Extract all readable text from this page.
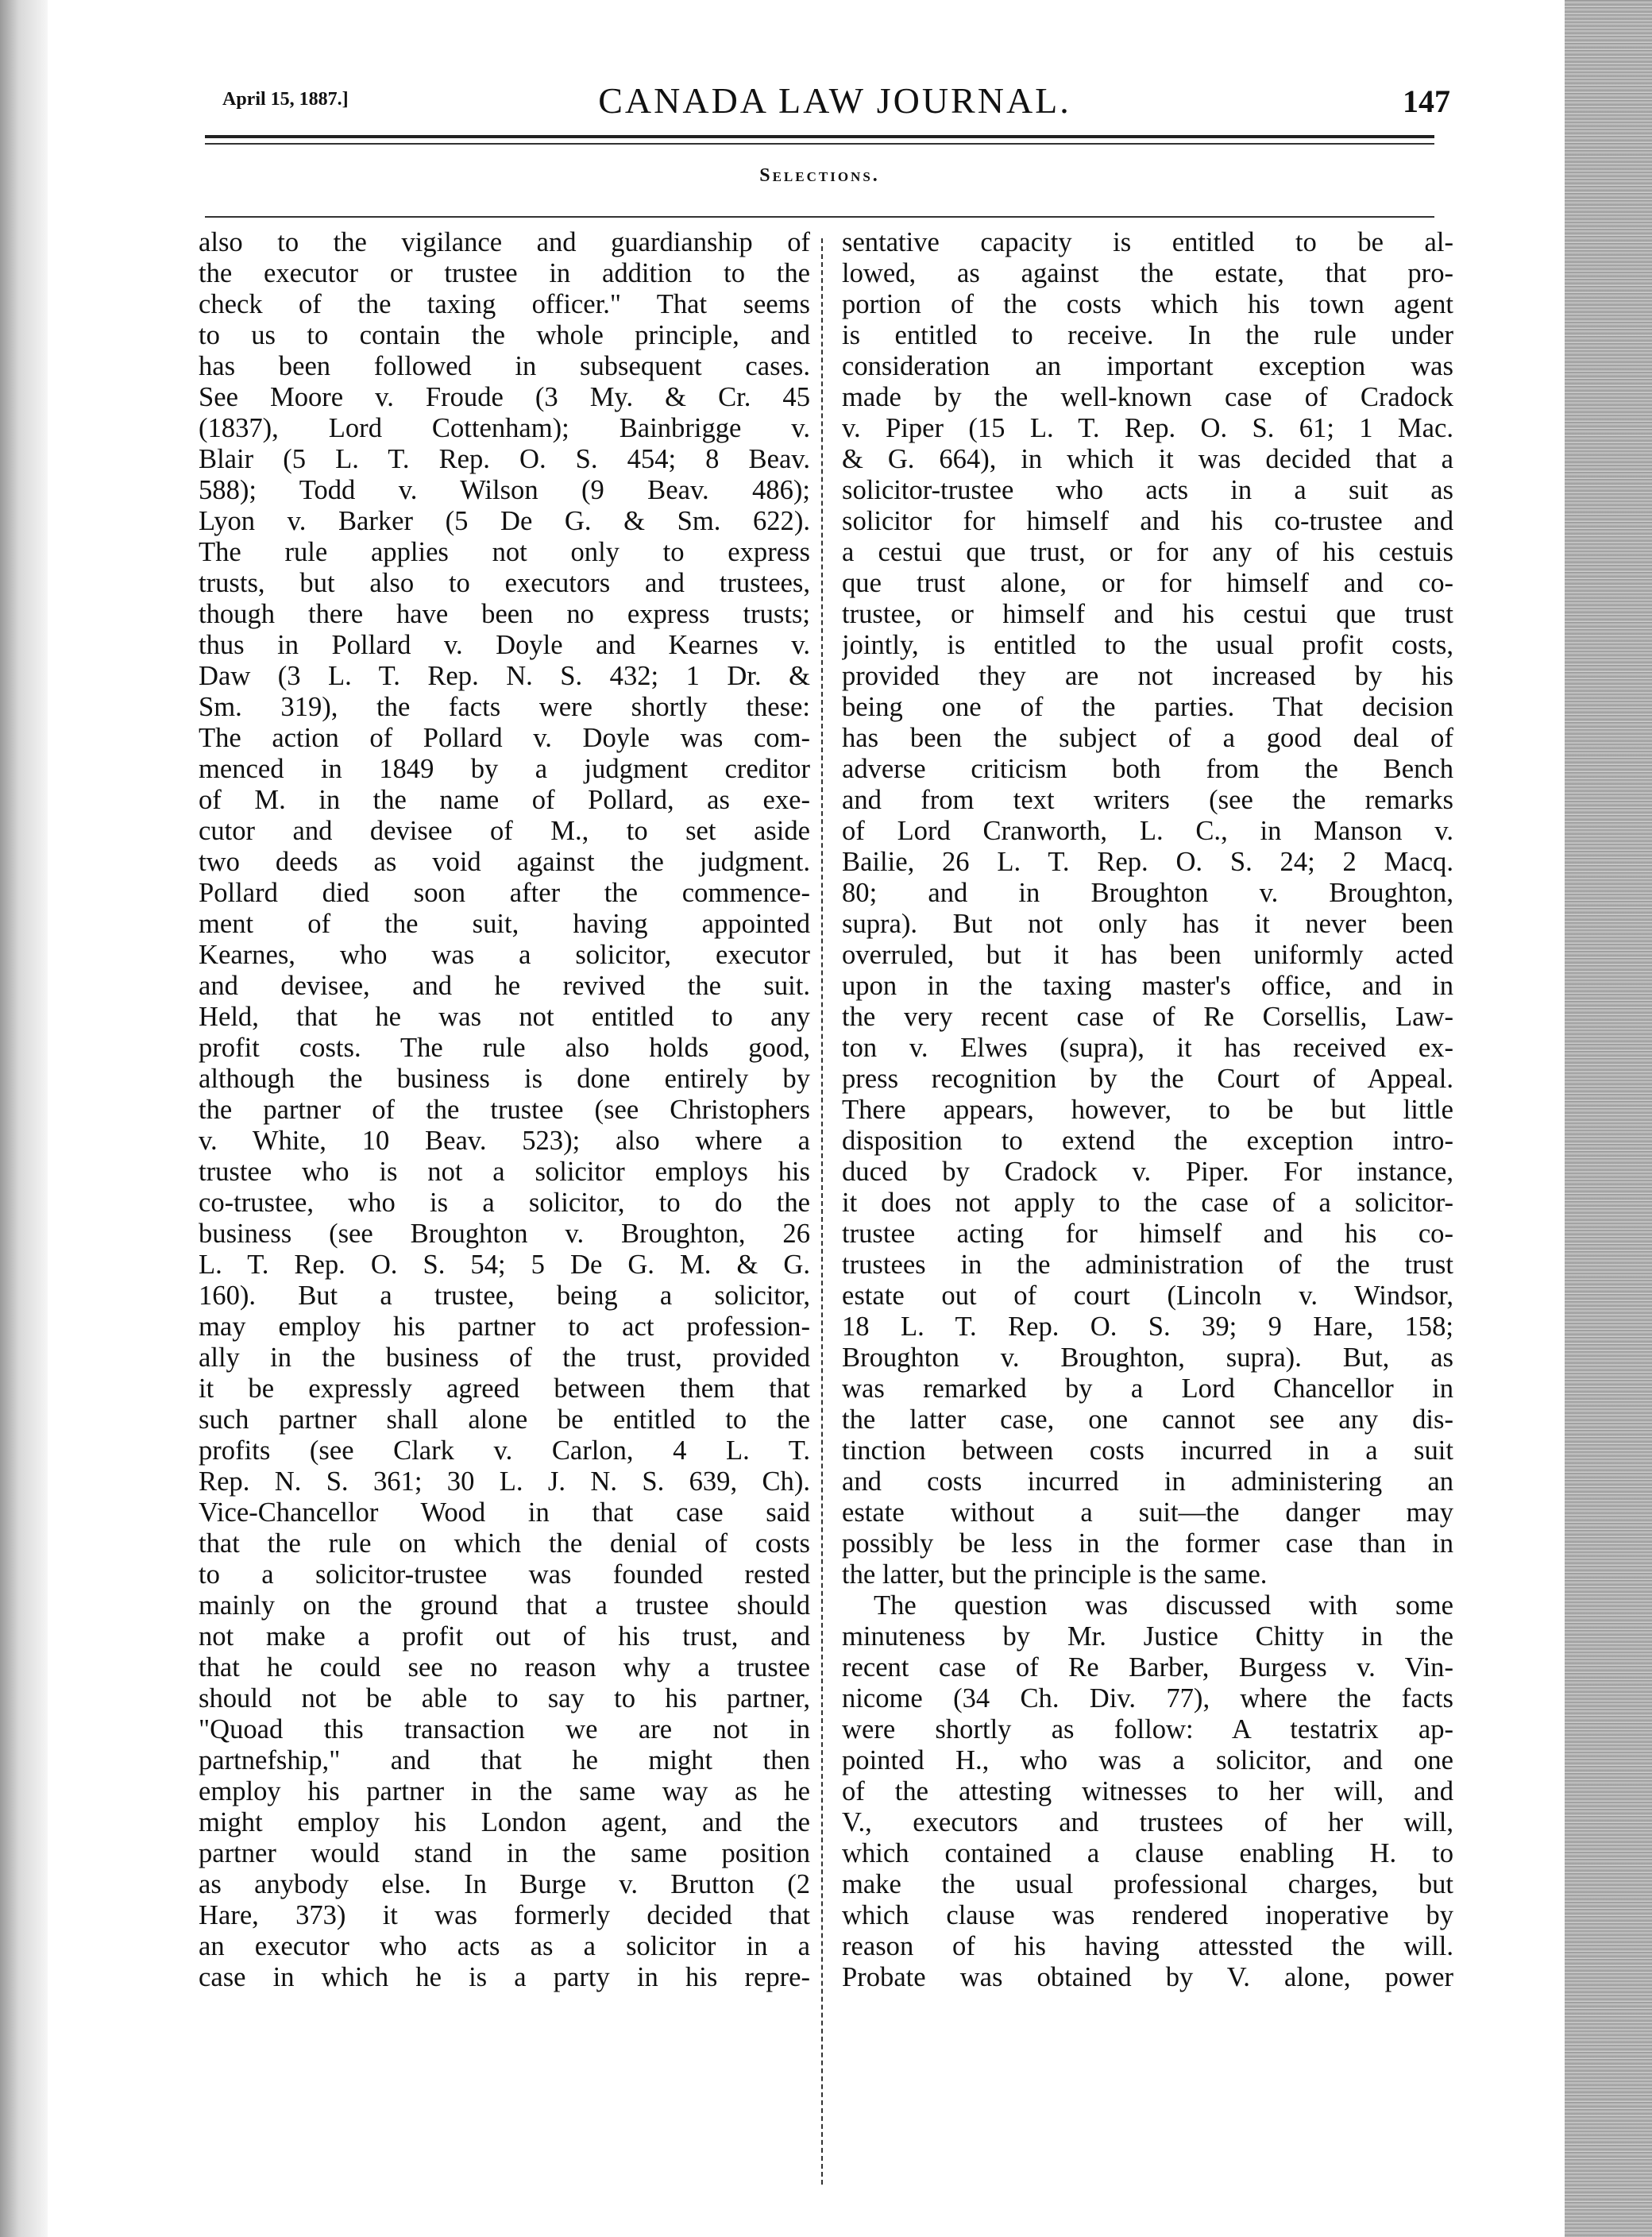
April 15, 1887.]	CANADA LAW JOURNAL.	147
Selections.
also to the vigilance and guardianship of
the executor or trustee in addition to the
check of the taxing officer." That seems
to us to contain the whole principle, and
has been followed in subsequent cases.
See Moore v. Froude (3 My. & Cr. 45
(1837), Lord Cottenham); Bainbrigge v.
Blair (5 L. T. Rep. O. S. 454; 8 Beav.
588); Todd v. Wilson (9 Beav. 486);
Lyon v. Barker (5 De G. & Sm. 622).
The rule applies not only to express
trusts, but also to executors and trustees,
though there have been no express trusts;
thus in Pollard v. Doyle and Kearnes v.
Daw (3 L. T. Rep. N. S. 432; 1 Dr. &
Sm. 319), the facts were shortly these:
The action of Pollard v. Doyle was com-
menced in 1849 by a judgment creditor
of M. in the name of Pollard, as exe-
cutor and devisee of M., to set aside
two deeds as void against the judgment.
Pollard died soon after the commence-
ment of the suit, having appointed
Kearnes, who was a solicitor, executor
and devisee, and he revived the suit.
Held, that he was not entitled to any
profit costs. The rule also holds good,
although the business is done entirely by
the partner of the trustee (see Christophers
v. White, 10 Beav. 523); also where a
trustee who is not a solicitor employs his
co-trustee, who is a solicitor, to do the
business (see Broughton v. Broughton, 26
L. T. Rep. O. S. 54; 5 De G. M. & G.
160). But a trustee, being a solicitor,
may employ his partner to act profession-
ally in the business of the trust, provided
it be expressly agreed between them that
such partner shall alone be entitled to the
profits (see Clark v. Carlon, 4 L. T.
Rep. N. S. 361; 30 L. J. N. S. 639, Ch).
Vice-Chancellor Wood in that case said
that the rule on which the denial of costs
to a solicitor-trustee was founded rested
mainly on the ground that a trustee should
not make a profit out of his trust, and
that he could see no reason why a trustee
should not be able to say to his partner,
"Quoad this transaction we are not in
partnefship," and that he might then
employ his partner in the same way as he
might employ his London agent, and the
partner would stand in the same position
as anybody else. In Burge v. Brutton (2
Hare, 373) it was formerly decided that
an executor who acts as a solicitor in a
case in which he is a party in his repre-
sentative capacity is entitled to be al-
lowed, as against the estate, that pro-
portion of the costs which his town agent
is entitled to receive. In the rule under
consideration an important exception was
made by the well-known case of Cradock
v. Piper (15 L. T. Rep. O. S. 61; 1 Mac.
& G. 664), in which it was decided that a
solicitor-trustee who acts in a suit as
solicitor for himself and his co-trustee and
a cestui que trust, or for any of his cestuis
que trust alone, or for himself and co-
trustee, or himself and his cestui que trust
jointly, is entitled to the usual profit costs,
provided they are not increased by his
being one of the parties. That decision
has been the subject of a good deal of
adverse criticism both from the Bench
and from text writers (see the remarks
of Lord Cranworth, L. C., in Manson v.
Bailie, 26 L. T. Rep. O. S. 24; 2 Macq.
80; and in Broughton v. Broughton,
supra). But not only has it never been
overruled, but it has been uniformly acted
upon in the taxing master's office, and in
the very recent case of Re Corsellis, Law-
ton v. Elwes (supra), it has received ex-
press recognition by the Court of Appeal.
There appears, however, to be but little
disposition to extend the exception intro-
duced by Cradock v. Piper. For instance,
it does not apply to the case of a solicitor-
trustee acting for himself and his co-
trustees in the administration of the trust
estate out of court (Lincoln v. Windsor,
18 L. T. Rep. O. S. 39; 9 Hare, 158;
Broughton v. Broughton, supra). But, as
was remarked by a Lord Chancellor in
the latter case, one cannot see any dis-
tinction between costs incurred in a suit
and costs incurred in administering an
estate without a suit—the danger may
possibly be less in the former case than in
the latter, but the principle is the same.
The question was discussed with some
minuteness by Mr. Justice Chitty in the
recent case of Re Barber, Burgess v. Vin-
nicome (34 Ch. Div. 77), where the facts
were shortly as follow: A testatrix ap-
pointed H., who was a solicitor, and one
of the attesting witnesses to her will, and
V., executors and trustees of her will,
which contained a clause enabling H. to
make the usual professional charges, but
which clause was rendered inoperative by
reason of his having attessted the will.
Probate was obtained by V. alone, power
